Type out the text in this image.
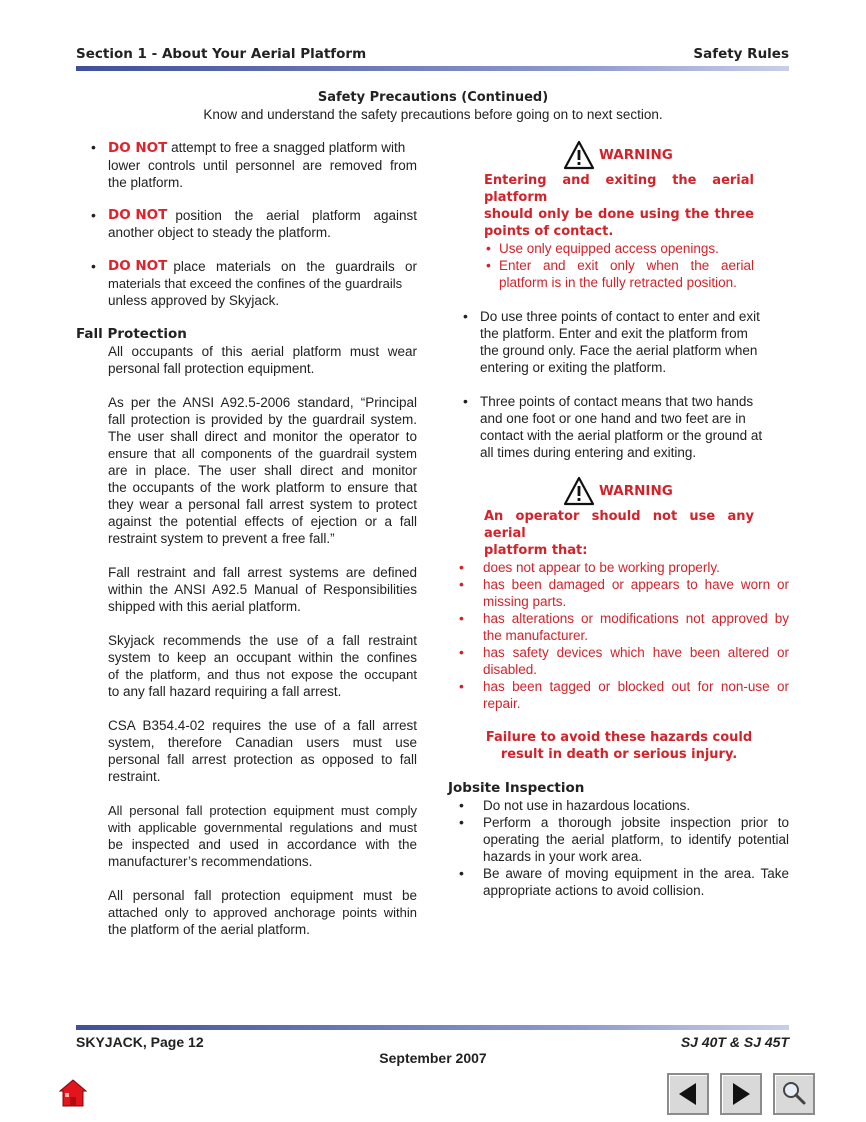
Section 1 - About Your Aerial Platform	Safety Rules
Safety Precautions (Continued)
Know and understand the safety precautions before going on to next section.
• DO NOT attempt to free a snagged platform with
lower controls until personnel are removed from
the platform.
• DO NOT position the aerial platform against
another object to steady the platform.
• DO NOT place materials on the guardrails or
materials that exceed the confines of the guardrails
unless approved by Skyjack.
Fall Protection
All occupants of this aerial platform must wear
personal fall protection equipment.
As per the ANSI A92.5-2006 standard, “Principal
fall protection is provided by the guardrail system.
The user shall direct and monitor the operator to
ensure that all components of the guardrail system
are in place. The user shall direct and monitor
the occupants of the work platform to ensure that
they wear a personal fall arrest system to protect
against the potential effects of ejection or a fall
restraint system to prevent a free fall.”
Fall restraint and fall arrest systems are defined
within the ANSI A92.5 Manual of Responsibilities
shipped with this aerial platform.
Skyjack recommends the use of a fall restraint
system to keep an occupant within the confines
of the platform, and thus not expose the occupant
to any fall hazard requiring a fall arrest.
CSA B354.4-02 requires the use of a fall arrest
system, therefore Canadian users must use
personal fall arrest protection as opposed to fall
restraint.
All personal fall protection equipment must comply
with applicable governmental regulations and must
be inspected and used in accordance with the
manufacturer’s recommendations.
All personal fall protection equipment must be
attached only to approved anchorage points within
the platform of the aerial platform.
WARNING
Entering and exiting the aerial platform
should only be done using the three
points of contact.
• Use only equipped access openings.
• Enter and exit only when the aerial
platform is in the fully retracted position.
• Do use three points of contact to enter and exit
the platform. Enter and exit the platform from
the ground only. Face the aerial platform when
entering or exiting the platform.
• Three points of contact means that two hands
and one foot or one hand and two feet are in
contact with the aerial platform or the ground at
all times during entering and exiting.
WARNING
An operator should not use any aerial
platform that:
• does not appear to be working properly.
• has been damaged or appears to have worn or
missing parts.
• has alterations or modifications not approved by
the manufacturer.
• has safety devices which have been altered or
disabled.
• has been tagged or blocked out for non-use or
repair.
Failure to avoid these hazards could
result in death or serious injury.
Jobsite Inspection
• Do not use in hazardous locations.
• Perform a thorough jobsite inspection prior to
operating the aerial platform, to identify potential
hazards in your work area.
• Be aware of moving equipment in the area. Take
appropriate actions to avoid collision.
SKYJACK, Page 12	SJ 40T & SJ 45T
September 2007
